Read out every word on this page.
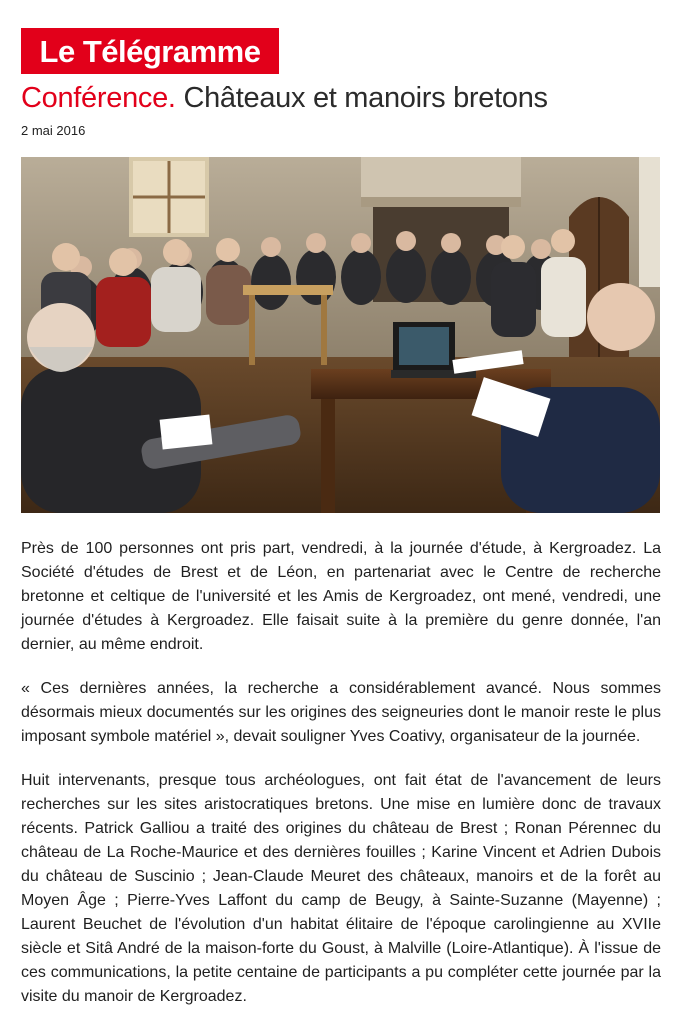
Le Télégramme
Conférence. Châteaux et manoirs bretons
2 mai 2016

Près de 100 personnes ont pris part, vendredi, à la journée d'étude, à Kergroadez. La Société d'études de Brest et de Léon, en partenariat avec le Centre de recherche bretonne et celtique de l'université et les Amis de Kergroadez, ont mené, vendredi, une journée d'études à Kergroadez. Elle faisait suite à la première du genre donnée, l'an dernier, au même endroit.

« Ces dernières années, la recherche a considérablement avancé. Nous sommes désormais mieux documentés sur les origines des seigneuries dont le manoir reste le plus imposant symbole matériel », devait souligner Yves Coativy, organisateur de la journée.

Huit intervenants, presque tous archéologues, ont fait état de l'avancement de leurs recherches sur les sites aristocratiques bretons. Une mise en lumière donc de travaux récents. Patrick Galliou a traité des origines du château de Brest ; Ronan Pérennec du château de La Roche-Maurice et des dernières fouilles ; Karine Vincent et Adrien Dubois du château de Suscinio ; Jean-Claude Meuret des châteaux, manoirs et de la forêt au Moyen Âge ; Pierre-Yves Laffont du camp de Beugy, à Sainte-Suzanne (Mayenne) ; Laurent Beuchet de l'évolution d'un habitat élitaire de l'époque carolingienne au XVIIe siècle et Sitâ André de la maison-forte du Goust, à Malville (Loire-Atlantique). À l'issue de ces communications, la petite centaine de participants a pu compléter cette journée par la visite du manoir de Kergroadez.
